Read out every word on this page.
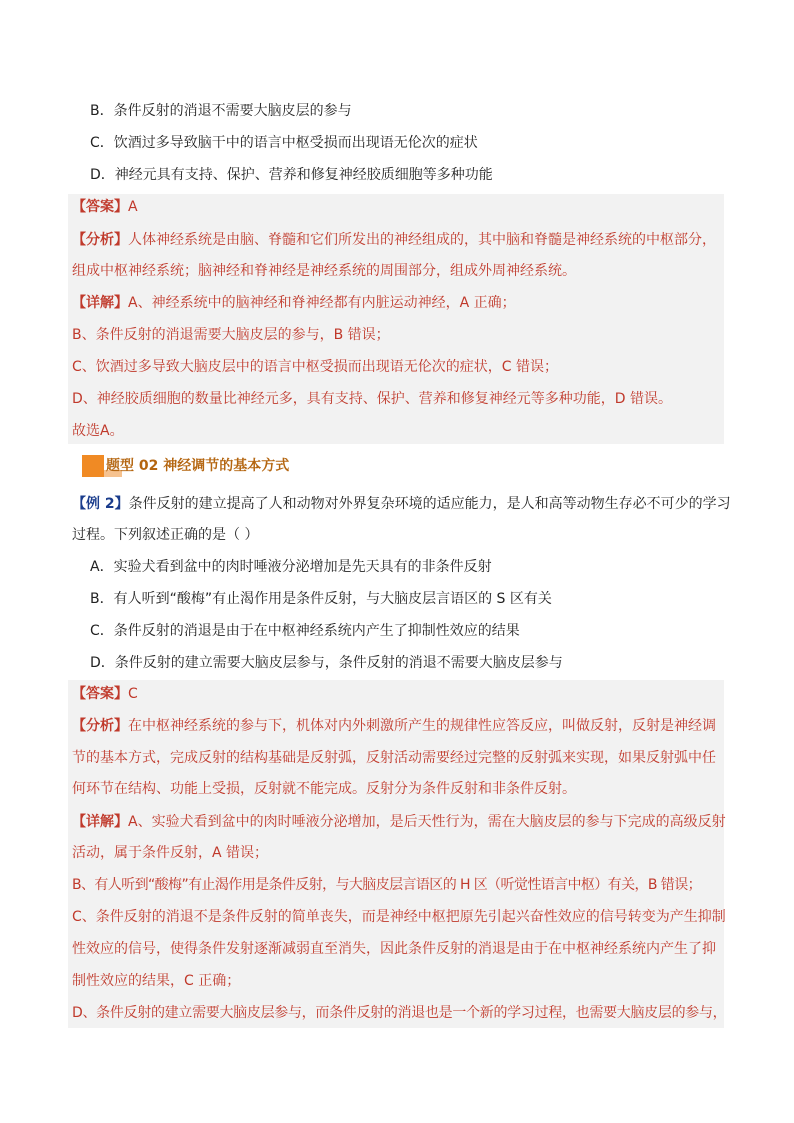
B．条件反射的消退不需要大脑皮层的参与
C．饮酒过多导致脑干中的语言中枢受损而出现语无伦次的症状
D．神经元具有支持、保护、营养和修复神经胶质细胞等多种功能
【答案】A
【分析】人体神经系统是由脑、脊髓和它们所发出的神经组成的，其中脑和脊髓是神经系统的中枢部分，
组成中枢神经系统；脑神经和脊神经是神经系统的周围部分，组成外周神经系统。
【详解】A、神经系统中的脑神经和脊神经都有内脏运动神经，A 正确；
B、条件反射的消退需要大脑皮层的参与，B 错误；
C、饮酒过多导致大脑皮层中的语言中枢受损而出现语无伦次的症状，C 错误；
D、神经胶质细胞的数量比神经元多，具有支持、保护、营养和修复神经元等多种功能，D 错误。
故选A。
题型 02 神经调节的基本方式
【例 2】条件反射的建立提高了人和动物对外界复杂环境的适应能力，是人和高等动物生存必不可少的学习
过程。下列叙述正确的是（ ）
A．实验犬看到盆中的肉时唾液分泌增加是先天具有的非条件反射
B．有人听到“酸梅”有止渴作用是条件反射，与大脑皮层言语区的 S 区有关
C．条件反射的消退是由于在中枢神经系统内产生了抑制性效应的结果
D．条件反射的建立需要大脑皮层参与，条件反射的消退不需要大脑皮层参与
【答案】C
【分析】在中枢神经系统的参与下，机体对内外刺激所产生的规律性应答反应，叫做反射，反射是神经调
节的基本方式，完成反射的结构基础是反射弧，反射活动需要经过完整的反射弧来实现，如果反射弧中任
何环节在结构、功能上受损，反射就不能完成。反射分为条件反射和非条件反射。
【详解】A、实验犬看到盆中的肉时唾液分泌增加，是后天性行为，需在大脑皮层的参与下完成的高级反射
活动，属于条件反射，A 错误；
B、有人听到“酸梅”有止渴作用是条件反射，与大脑皮层言语区的 H 区（听觉性语言中枢）有关，B 错误；
C、条件反射的消退不是条件反射的简单丧失，而是神经中枢把原先引起兴奋性效应的信号转变为产生抑制
性效应的信号，使得条件发射逐渐减弱直至消失，因此条件反射的消退是由于在中枢神经系统内产生了抑
制性效应的结果，C 正确；
D、条件反射的建立需要大脑皮层参与，而条件反射的消退也是一个新的学习过程，也需要大脑皮层的参与，
